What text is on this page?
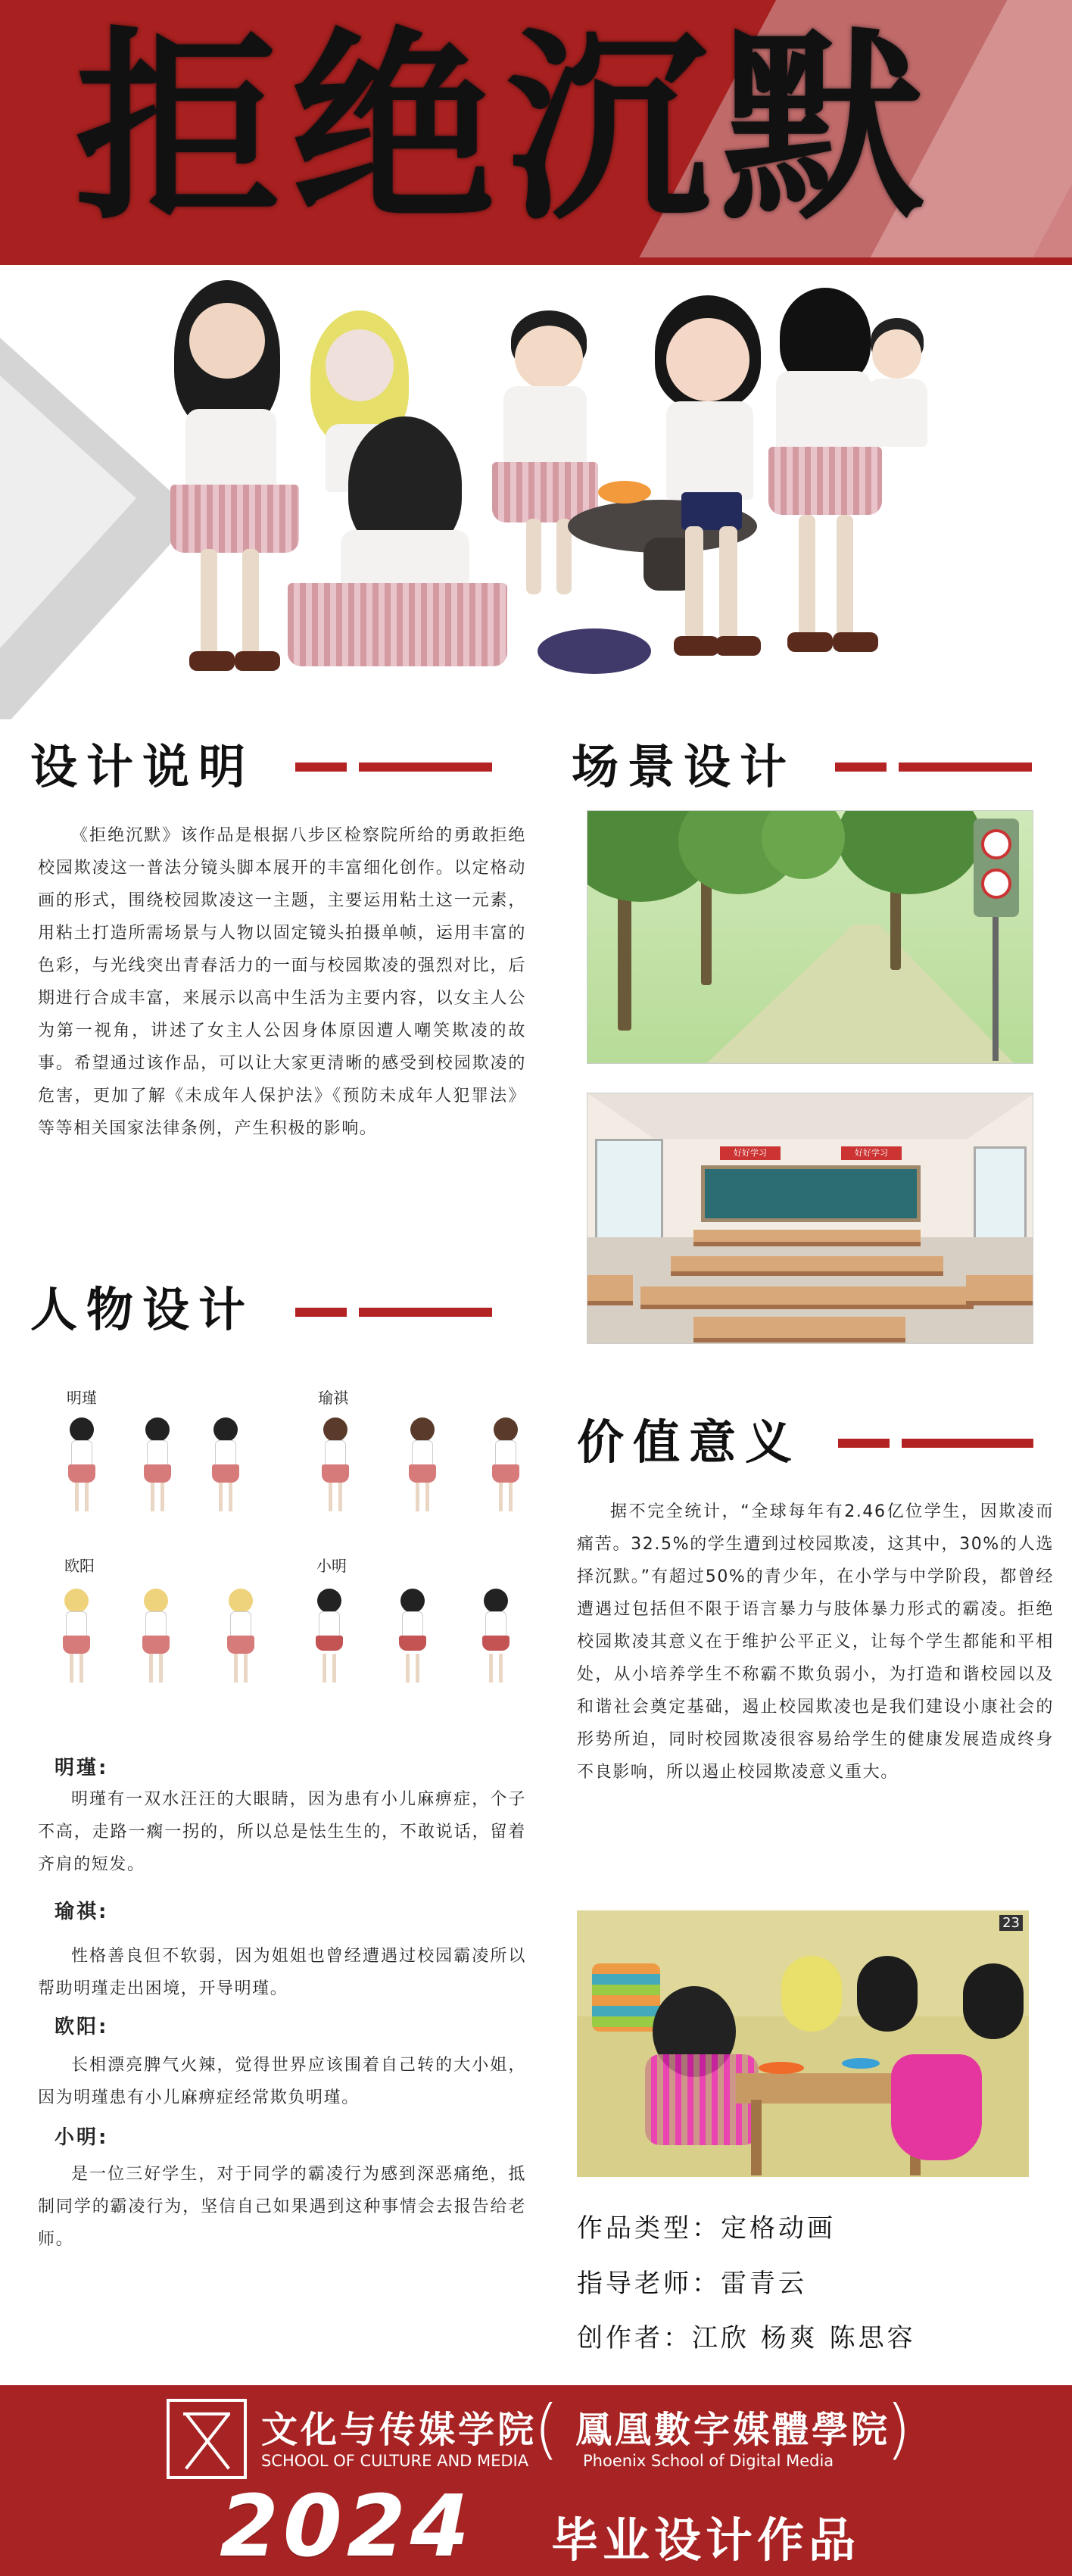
拒绝沉默
设计说明

《拒绝沉默》该作品是根据八步区检察院所给的勇敢拒绝校园欺凌这一普法分镜头脚本展开的丰富细化创作。以定格动画的形式，围绕校园欺凌这一主题，主要运用粘土这一元素，用粘土打造所需场景与人物以固定镜头拍摄单帧，运用丰富的色彩，与光线突出青春活力的一面与校园欺凌的强烈对比，后期进行合成丰富，来展示以高中生活为主要内容，以女主人公为第一视角，讲述了女主人公因身体原因遭人嘲笑欺凌的故事。希望通过该作品，可以让大家更清晰的感受到校园欺凌的危害，更加了解《未成年人保护法》《预防未成年人犯罪法》等等相关国家法律条例，产生积极的影响。

场景设计
好好学习	好好学习
人物设计
明瑾	瑜祺
欧阳	小明
明瑾:

明瑾有一双水汪汪的大眼睛，因为患有小儿麻痹症，个子不高，走路一瘸一拐的，所以总是怯生生的，不敢说话，留着齐肩的短发。

瑜祺:

性格善良但不软弱，因为姐姐也曾经遭遇过校园霸凌所以帮助明瑾走出困境，开导明瑾。

欧阳:

长相漂亮脾气火辣，觉得世界应该围着自己转的大小姐，因为明瑾患有小儿麻痹症经常欺负明瑾。

小明:

是一位三好学生，对于同学的霸凌行为感到深恶痛绝，抵制同学的霸凌行为，坚信自己如果遇到这种事情会去报告给老师。

价值意义

据不完全统计，“全球每年有2.46亿位学生，因欺凌而痛苦。32.5%的学生遭到过校园欺凌，这其中，30%的人选择沉默。”有超过50%的青少年，在小学与中学阶段，都曾经遭遇过包括但不限于语言暴力与肢体暴力形式的霸凌。拒绝校园欺凌其意义在于维护公平正义，让每个学生都能和平相处，从小培养学生不称霸不欺负弱小，为打造和谐校园以及和谐社会奠定基础，遏止校园欺凌也是我们建设小康社会的形势所迫，同时校园欺凌很容易给学生的健康发展造成终身不良影响，所以遏止校园欺凌意义重大。

23
作品类型：定格动画
指导老师：雷青云
创作者：江欣 杨爽 陈思容
文化与传媒学院
SCHOOL OF CULTURE AND MEDIA ( 鳳凰數字媒體學院
Phoenix School of Digital Media )
2024 毕业设计作品
